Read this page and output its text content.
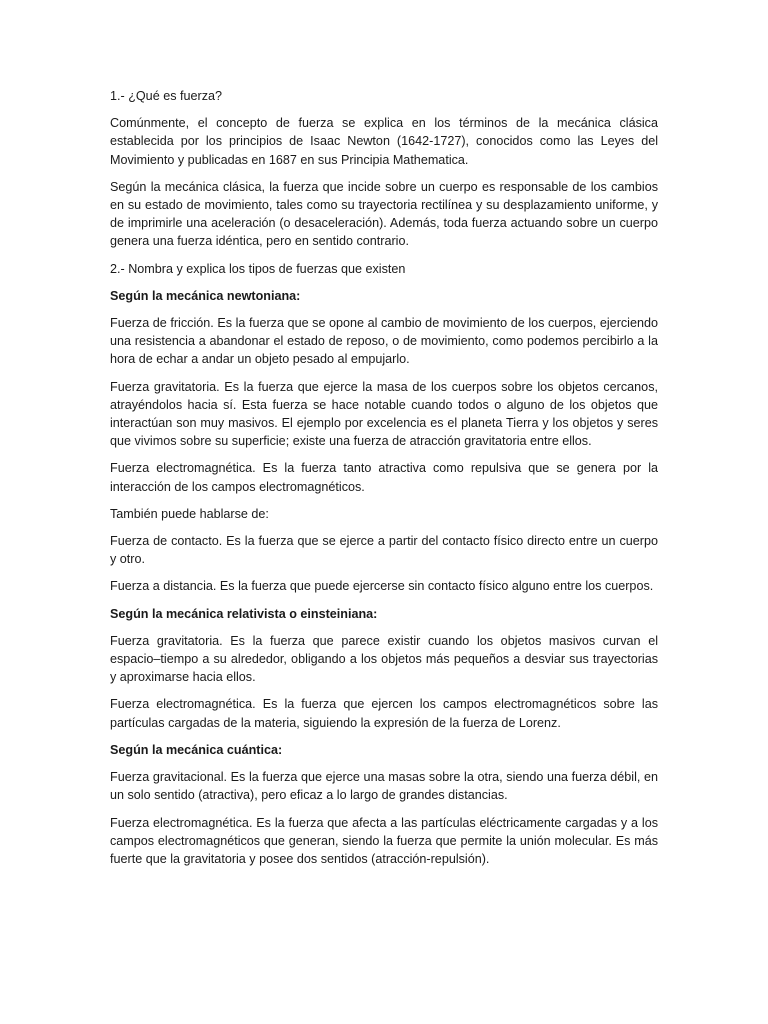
1.- ¿Qué es fuerza?

Comúnmente, el concepto de fuerza se explica en los términos de la mecánica clásica establecida por los principios de Isaac Newton (1642-1727), conocidos como las Leyes del Movimiento y publicadas en 1687 en sus Principia Mathematica.

Según la mecánica clásica, la fuerza que incide sobre un cuerpo es responsable de los cambios en su estado de movimiento, tales como su trayectoria rectilínea y su desplazamiento uniforme, y de imprimirle una aceleración (o desaceleración). Además, toda fuerza actuando sobre un cuerpo genera una fuerza idéntica, pero en sentido contrario.

2.- Nombra y explica los tipos de fuerzas que existen

Según la mecánica newtoniana:

Fuerza de fricción. Es la fuerza que se opone al cambio de movimiento de los cuerpos, ejerciendo una resistencia a abandonar el estado de reposo, o de movimiento, como podemos percibirlo a la hora de echar a andar un objeto pesado al empujarlo.

Fuerza gravitatoria. Es la fuerza que ejerce la masa de los cuerpos sobre los objetos cercanos, atrayéndolos hacia sí. Esta fuerza se hace notable cuando todos o alguno de los objetos que interactúan son muy masivos. El ejemplo por excelencia es el planeta Tierra y los objetos y seres que vivimos sobre su superficie; existe una fuerza de atracción gravitatoria entre ellos.

Fuerza electromagnética. Es la fuerza tanto atractiva como repulsiva que se genera por la interacción de los campos electromagnéticos.

También puede hablarse de:

Fuerza de contacto. Es la fuerza que se ejerce a partir del contacto físico directo entre un cuerpo y otro.

Fuerza a distancia. Es la fuerza que puede ejercerse sin contacto físico alguno entre los cuerpos.

Según la mecánica relativista o einsteiniana:

Fuerza gravitatoria. Es la fuerza que parece existir cuando los objetos masivos curvan el espacio–tiempo a su alrededor, obligando a los objetos más pequeños a desviar sus trayectorias y aproximarse hacia ellos.

Fuerza electromagnética. Es la fuerza que ejercen los campos electromagnéticos sobre las partículas cargadas de la materia, siguiendo la expresión de la fuerza de Lorenz.

Según la mecánica cuántica:

Fuerza gravitacional. Es la fuerza que ejerce una masas sobre la otra, siendo una fuerza débil, en un solo sentido (atractiva), pero eficaz a lo largo de grandes distancias.

Fuerza electromagnética. Es la fuerza que afecta a las partículas eléctricamente cargadas y a los campos electromagnéticos que generan, siendo la fuerza que permite la unión molecular. Es más fuerte que la gravitatoria y posee dos sentidos (atracción-repulsión).
